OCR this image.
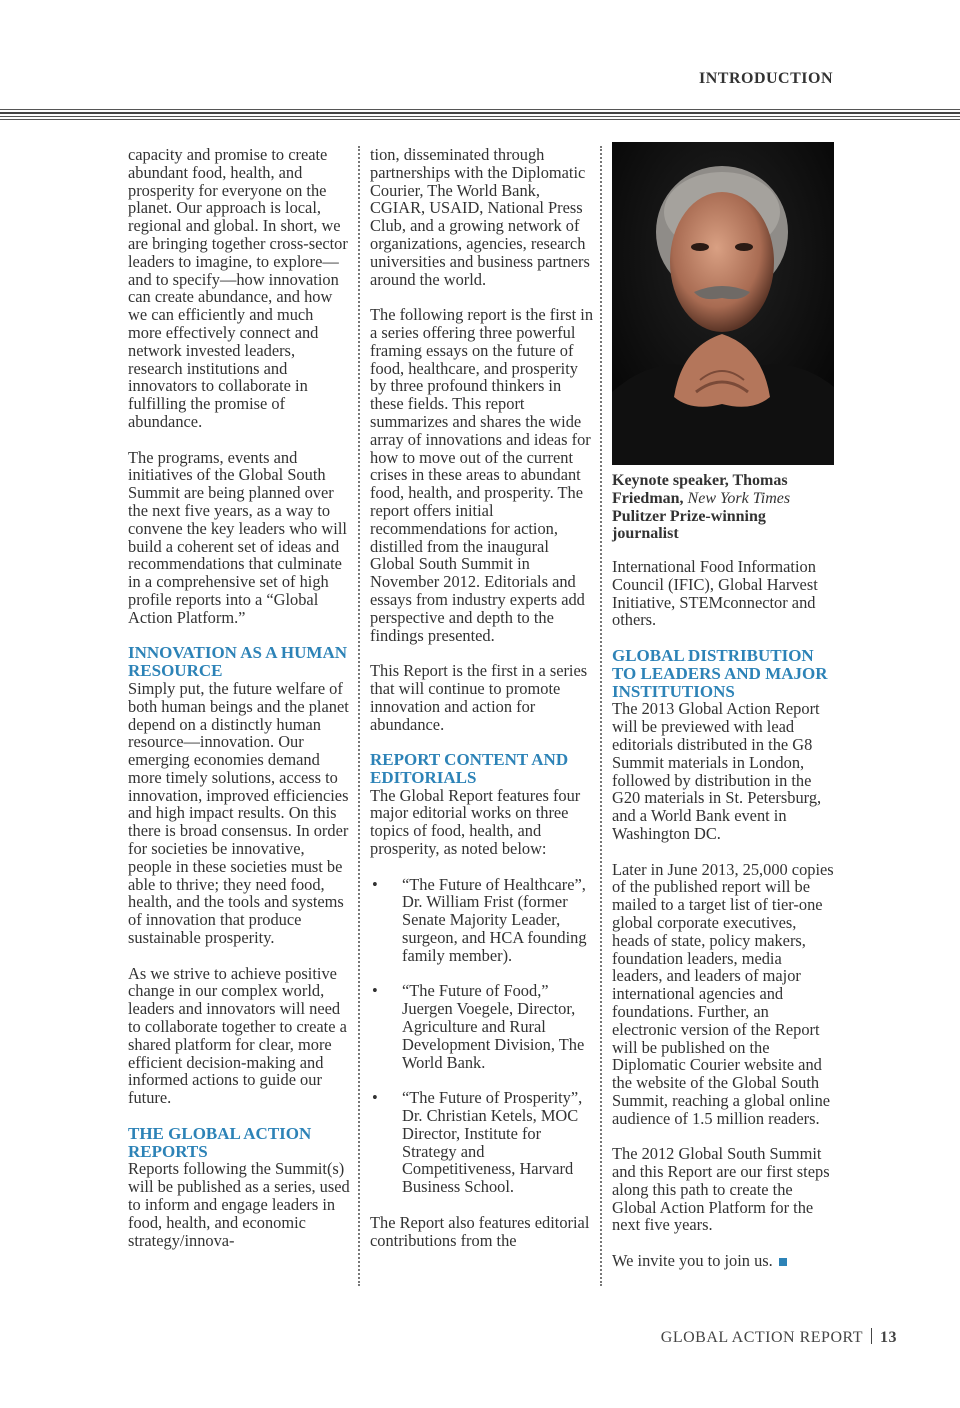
INTRODUCTION

capacity and promise to create abundant food, health, and prosperity for everyone on the planet. Our approach is local, regional and global. In short, we are bringing together cross-sector leaders to imagine, to explore—and to specify—how innovation can create abundance, and how we can efficiently and much more effectively connect and network invested leaders, research institutions and innovators to collaborate in fulfilling the promise of abundance.

The programs, events and initiatives of the Global South Summit are being planned over the next five years, as a way to convene the key leaders who will build a coherent set of ideas and recommendations that culminate in a comprehensive set of high profile reports into a “Global Action Platform.”

INNOVATION AS A HUMAN RESOURCE

Simply put, the future welfare of both human beings and the planet depend on a distinctly human resource—innovation. Our emerging economies demand more timely solutions, access to innovation, improved efficiencies and high impact results. On this there is broad consensus. In order for societies be innovative, people in these societies must be able to thrive; they need food, health, and the tools and systems of innovation that produce sustainable prosperity.

As we strive to achieve positive change in our complex world, leaders and innovators will need to collaborate together to create a shared platform for clear, more efficient decision-making and informed actions to guide our future.

THE GLOBAL ACTION REPORTS

Reports following the Summit(s) will be published as a series, used to inform and engage leaders in food, health, and economic strategy/innova-

tion, disseminated through partnerships with the Diplomatic Courier, The World Bank, CGIAR, USAID, National Press Club, and a growing network of organizations, agencies, research universities and business partners around the world.

The following report is the first in a series offering three powerful framing essays on the future of food, healthcare, and prosperity by three profound thinkers in these fields. This report summarizes and shares the wide array of innovations and ideas for how to move out of the current crises in these areas to abundant food, health, and prosperity. The report offers initial recommendations for action, distilled from the inaugural Global South Summit in November 2012. Editorials and essays from industry experts add perspective and depth to the findings presented.

This Report is the first in a series that will continue to promote innovation and action for abundance.

REPORT CONTENT AND EDITORIALS

The Global Report features four major editorial works on three topics of food, health, and prosperity, as noted below:

• “The Future of Healthcare”, Dr. William Frist (former Senate Majority Leader, surgeon, and HCA founding family member).
• “The Future of Food,” Juergen Voegele, Director, Agriculture and Rural Development Division, The World Bank.
• “The Future of Prosperity”, Dr. Christian Ketels, MOC Director, Institute for Strategy and Competitiveness, Harvard Business School.

The Report also features editorial contributions from the

Keynote speaker, Thomas Friedman, New York Times Pulitzer Prize-winning journalist

International Food Information Council (IFIC), Global Harvest Initiative, STEMconnector and others.

GLOBAL DISTRIBUTION TO LEADERS AND MAJOR INSTITUTIONS

The 2013 Global Action Report will be previewed with lead editorials distributed in the G8 Summit materials in London, followed by distribution in the G20 materials in St. Petersburg, and a World Bank event in Washington DC.

Later in June 2013, 25,000 copies of the published report will be mailed to a target list of tier-one global corporate executives, heads of state, policy makers, foundation leaders, media leaders, and leaders of major international agencies and foundations. Further, an electronic version of the Report will be published on the Diplomatic Courier website and the website of the Global South Summit, reaching a global online audience of 1.5 million readers.

The 2012 Global South Summit and this Report are our first steps along this path to create the Global Action Platform for the next five years.

We invite you to join us.

GLOBAL ACTION REPORT 13
